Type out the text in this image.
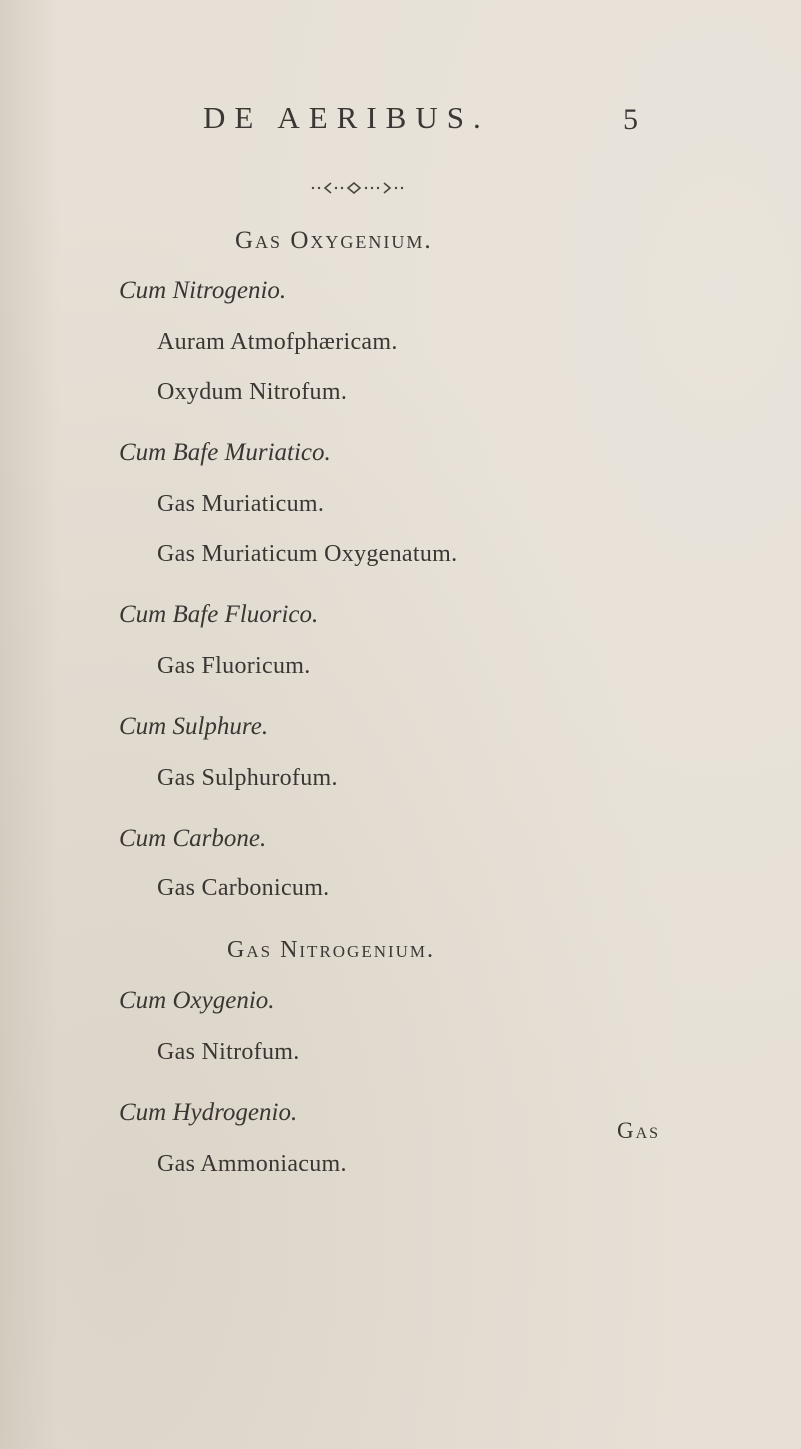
DE AERIBUS.	5
Gas Oxygenium.
Cum Nitrogenio.
Auram Atmofphæricam.
Oxydum Nitrofum.
Cum Bafe Muriatico.
Gas Muriaticum.
Gas Muriaticum Oxygenatum.
Cum Bafe Fluorico.
Gas Fluoricum.
Cum Sulphure.
Gas Sulphurofum.
Cum Carbone.
Gas Carbonicum.
Gas Nitrogenium.
Cum Oxygenio.
Gas Nitrofum.
Cum Hydrogenio.
Gas Ammoniacum.
Gas
